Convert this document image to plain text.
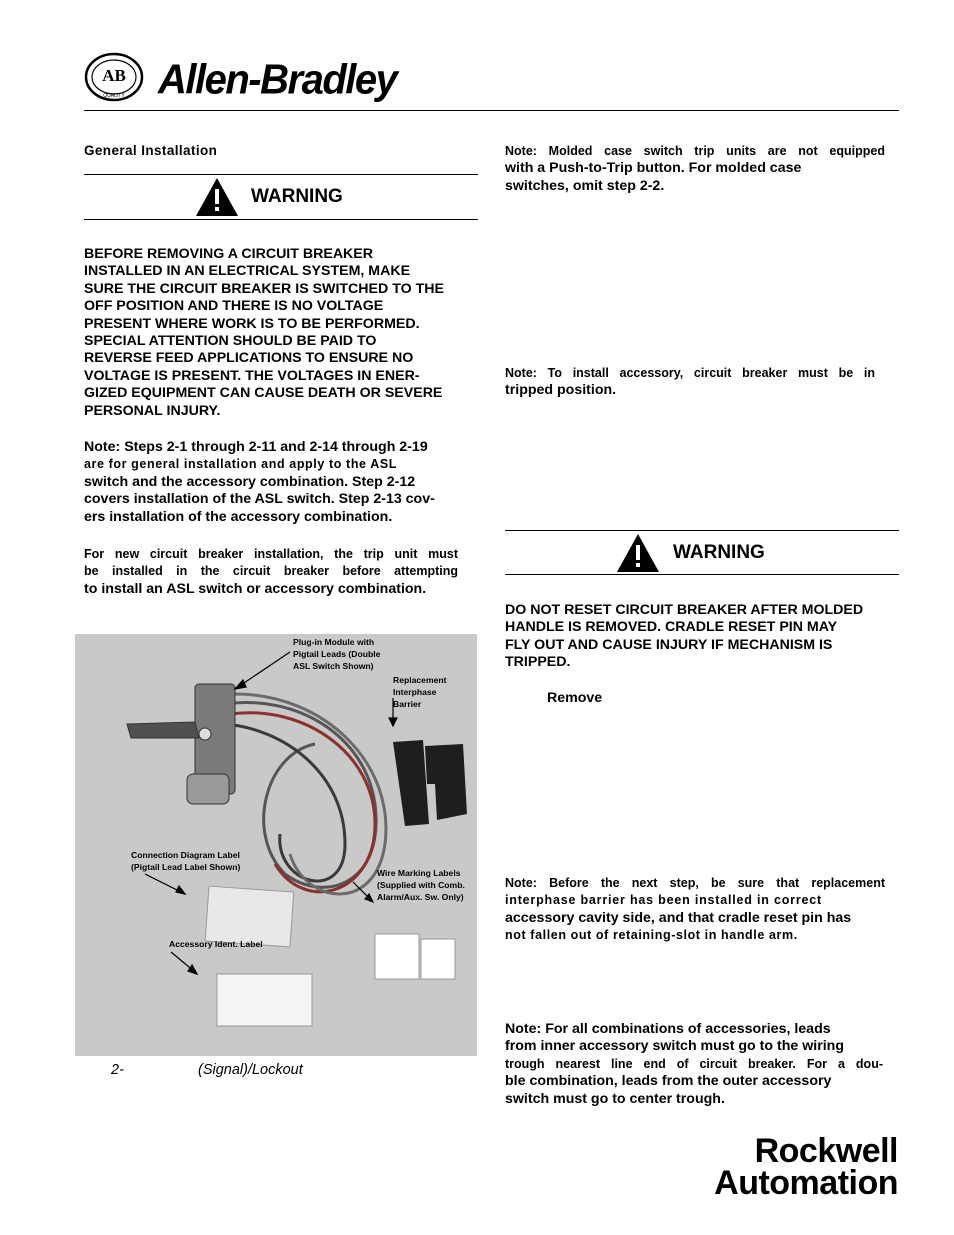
AB
QUALITY Allen-Bradley
General Installation
WARNING
BEFORE REMOVING A CIRCUIT BREAKER
INSTALLED IN AN ELECTRICAL SYSTEM, MAKE
SURE THE CIRCUIT BREAKER IS SWITCHED TO THE
OFF POSITION AND THERE IS NO VOLTAGE
PRESENT WHERE WORK IS TO BE PERFORMED.
SPECIAL ATTENTION SHOULD BE PAID TO
REVERSE FEED APPLICATIONS TO ENSURE NO
VOLTAGE IS PRESENT. THE VOLTAGES IN ENER-
GIZED EQUIPMENT CAN CAUSE DEATH OR SEVERE
PERSONAL INJURY.
Note: Steps 2-1 through 2-11 and 2-14 through 2-19
are for general installation and apply to the ASL
switch and the accessory combination. Step 2-12
covers installation of the ASL switch. Step 2-13 cov-
ers installation of the accessory combination.
For new circuit breaker installation, the trip unit must
be installed in the circuit breaker before attempting
to install an ASL switch or accessory combination.
Plug-in Module with
Pigtail Leads (Double
ASL Switch Shown)
Replacement
Interphase
Barrier
Connection Diagram Label
(Pigtail Lead Label Shown)
Wire Marking Labels
(Supplied with Comb.
Alarm/Aux. Sw. Only)
Accessory Ident. Label
2-	(Signal)/Lockout
Note: Molded case switch trip units are not equipped
with a Push-to-Trip button. For molded case
switches, omit step 2-2.
Note: To install accessory, circuit breaker must be in
tripped position.
WARNING
DO NOT RESET CIRCUIT BREAKER AFTER MOLDED
HANDLE IS REMOVED. CRADLE RESET PIN MAY
FLY OUT AND CAUSE INJURY IF MECHANISM IS
TRIPPED.
Remove
Note: Before the next step, be sure that replacement
interphase barrier has been installed in correct
accessory cavity side, and that cradle reset pin has
not fallen out of retaining-slot in handle arm.
Note: For all combinations of accessories, leads
from inner accessory switch must go to the wiring
trough nearest line end of circuit breaker. For a dou-
ble combination, leads from the outer accessory
switch must go to center trough.
Rockwell
Automation
